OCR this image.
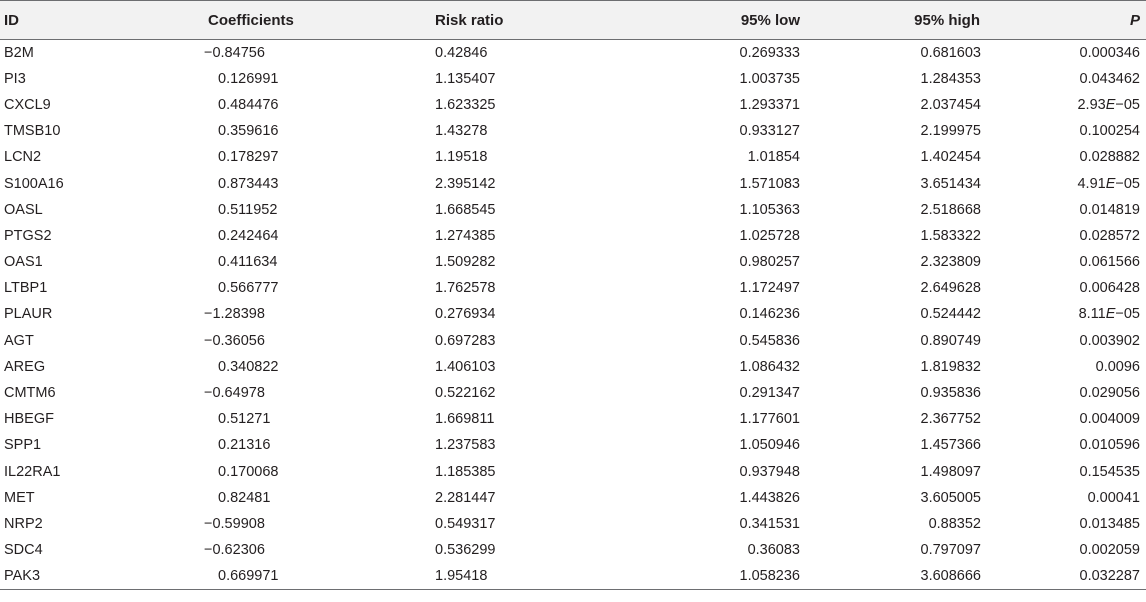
ID	Coefficients	Risk ratio	95% low	95% high	P
B2M	−0.84756	0.42846	0.269333	0.681603	0.000346
PI3	0.126991	1.135407	1.003735	1.284353	0.043462
CXCL9	0.484476	1.623325	1.293371	2.037454	2.93E−05
TMSB10	0.359616	1.43278	0.933127	2.199975	0.100254
LCN2	0.178297	1.19518	1.01854	1.402454	0.028882
S100A16	0.873443	2.395142	1.571083	3.651434	4.91E−05
OASL	0.511952	1.668545	1.105363	2.518668	0.014819
PTGS2	0.242464	1.274385	1.025728	1.583322	0.028572
OAS1	0.411634	1.509282	0.980257	2.323809	0.061566
LTBP1	0.566777	1.762578	1.172497	2.649628	0.006428
PLAUR	−1.28398	0.276934	0.146236	0.524442	8.11E−05
AGT	−0.36056	0.697283	0.545836	0.890749	0.003902
AREG	0.340822	1.406103	1.086432	1.819832	0.0096
CMTM6	−0.64978	0.522162	0.291347	0.935836	0.029056
HBEGF	0.51271	1.669811	1.177601	2.367752	0.004009
SPP1	0.21316	1.237583	1.050946	1.457366	0.010596
IL22RA1	0.170068	1.185385	0.937948	1.498097	0.154535
MET	0.82481	2.281447	1.443826	3.605005	0.00041
NRP2	−0.59908	0.549317	0.341531	0.88352	0.013485
SDC4	−0.62306	0.536299	0.36083	0.797097	0.002059
PAK3	0.669971	1.95418	1.058236	3.608666	0.032287
